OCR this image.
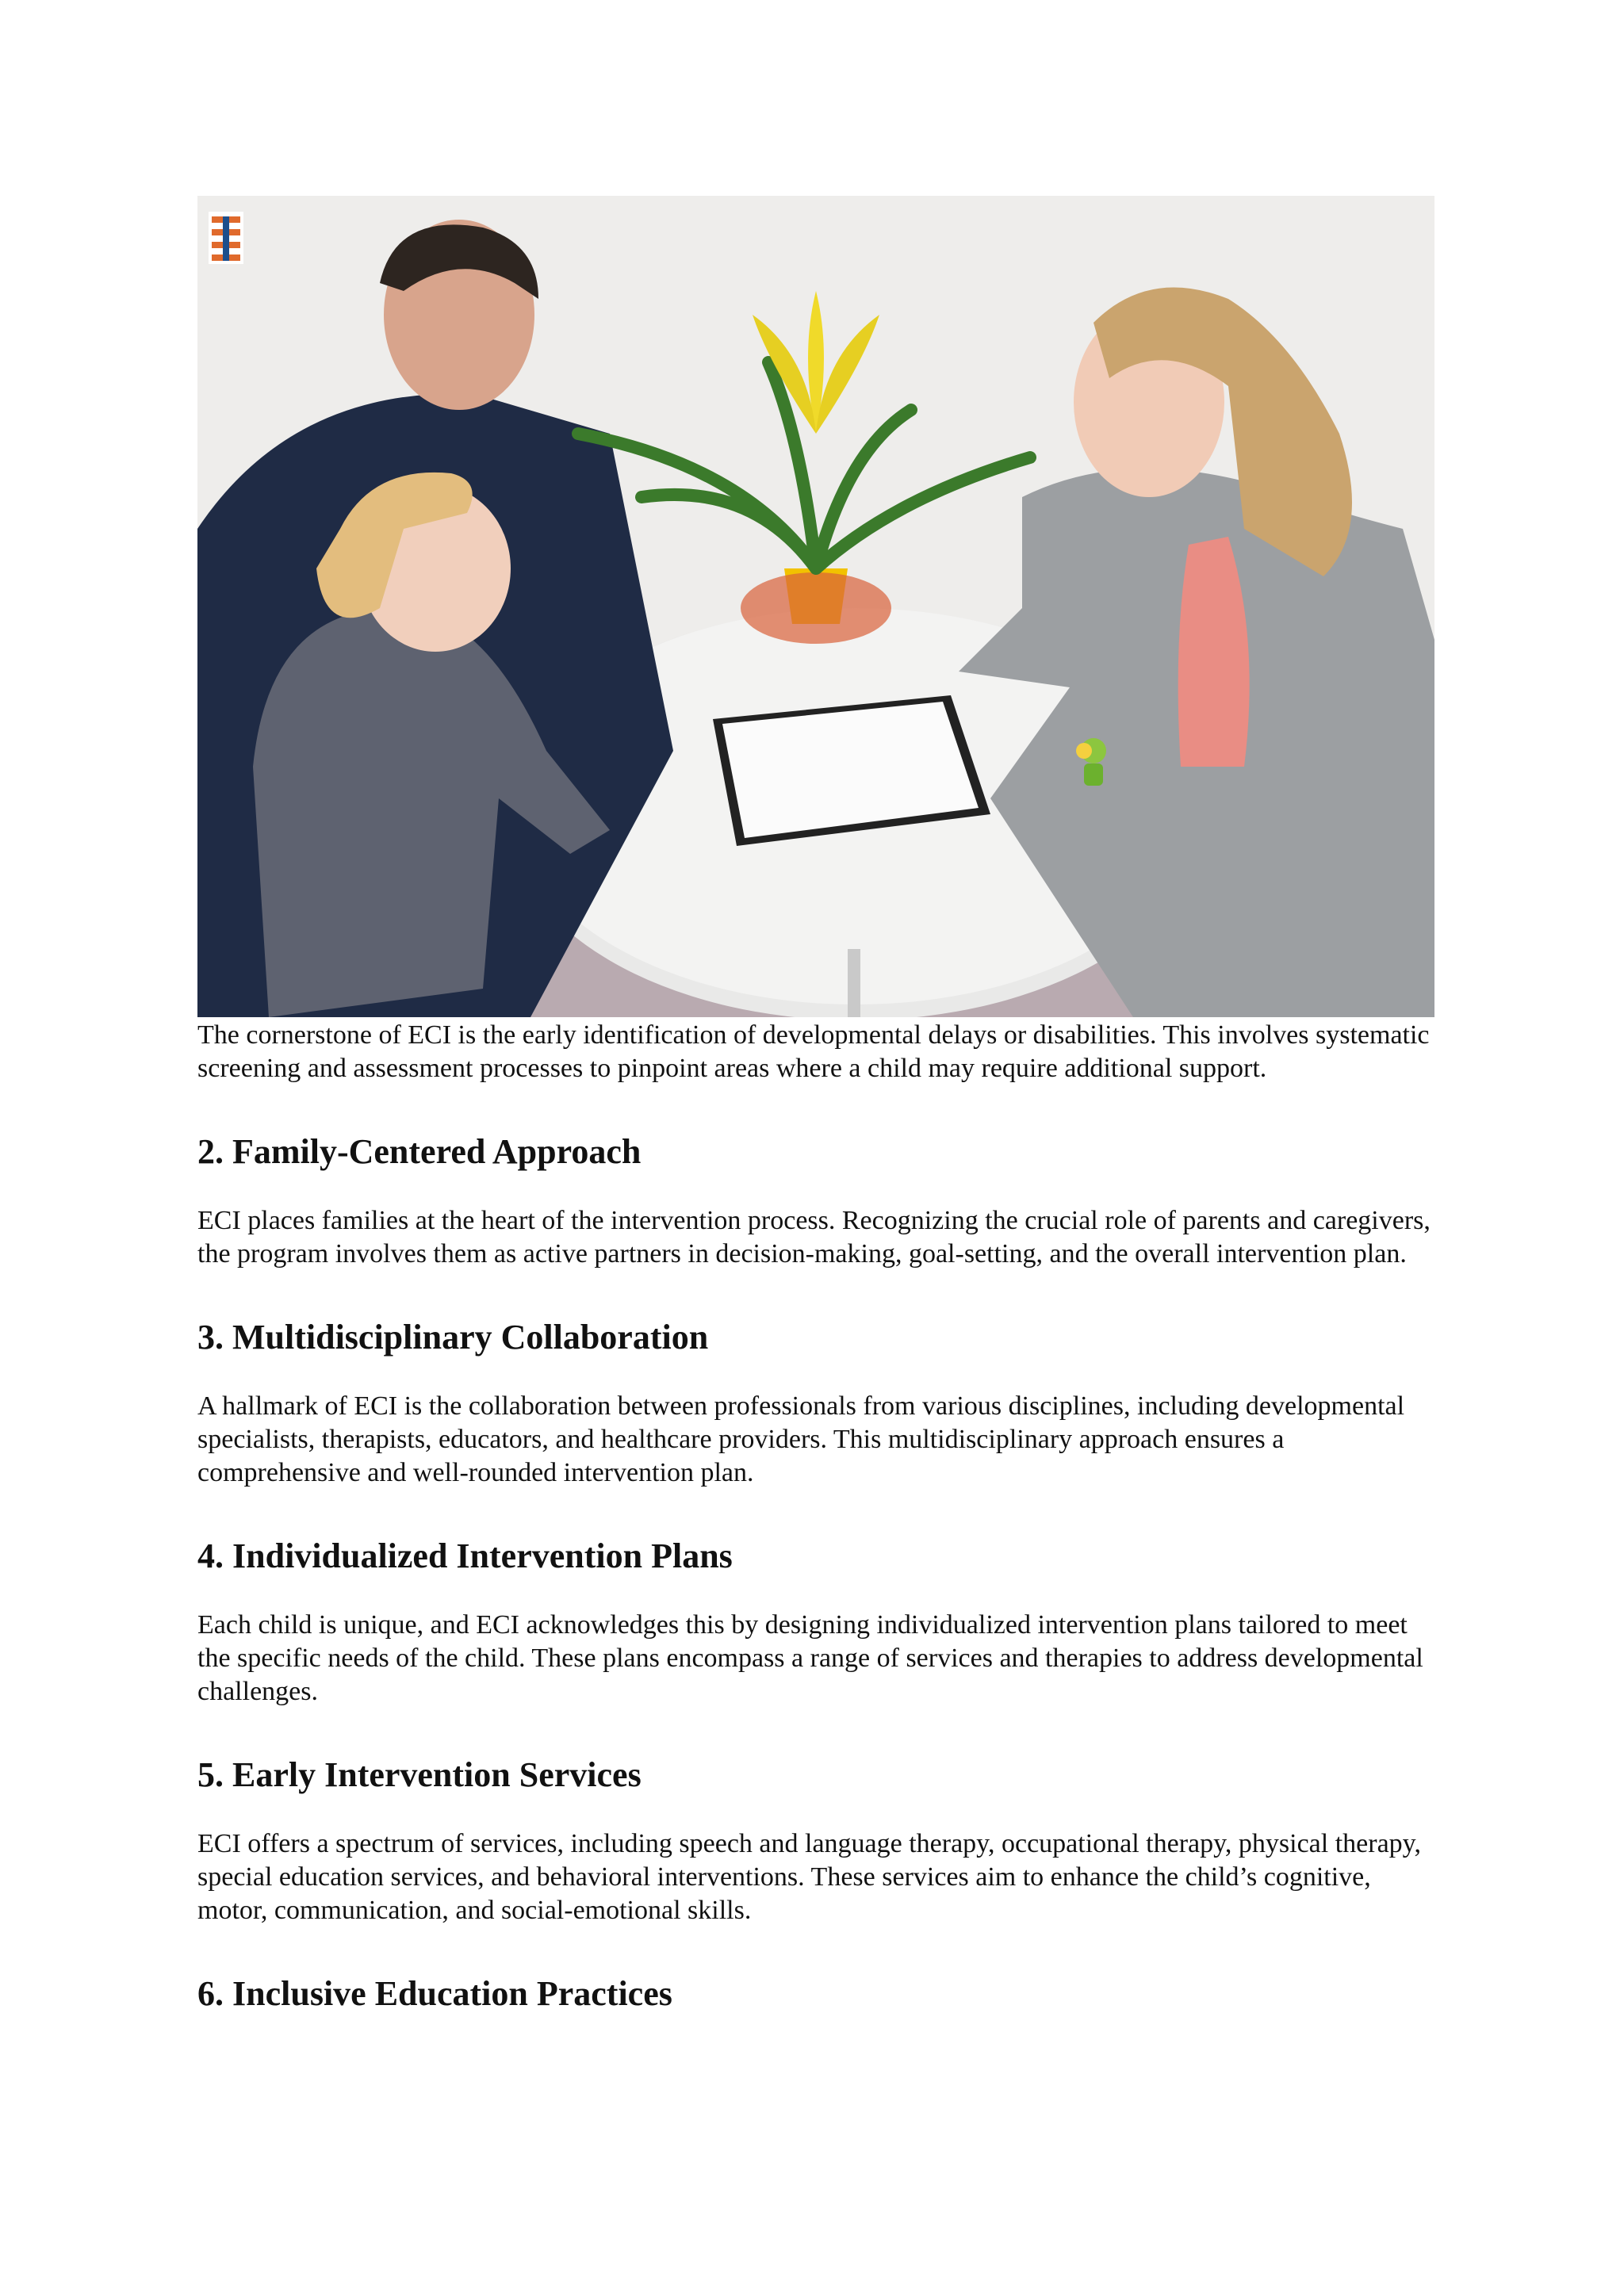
The cornerstone of ECI is the early identification of developmental delays or disabilities. This involves systematic screening and assessment processes to pinpoint areas where a child may require additional support.

2. Family-Centered Approach

ECI places families at the heart of the intervention process. Recognizing the crucial role of parents and caregivers, the program involves them as active partners in decision-making, goal-setting, and the overall intervention plan.

3. Multidisciplinary Collaboration

A hallmark of ECI is the collaboration between professionals from various disciplines, including developmental specialists, therapists, educators, and healthcare providers. This multidisciplinary approach ensures a comprehensive and well-rounded intervention plan.

4. Individualized Intervention Plans

Each child is unique, and ECI acknowledges this by designing individualized intervention plans tailored to meet the specific needs of the child. These plans encompass a range of services and therapies to address developmental challenges.

5. Early Intervention Services

ECI offers a spectrum of services, including speech and language therapy, occupational therapy, physical therapy, special education services, and behavioral interventions. These services aim to enhance the child’s cognitive, motor, communication, and social-emotional skills.

6. Inclusive Education Practices
